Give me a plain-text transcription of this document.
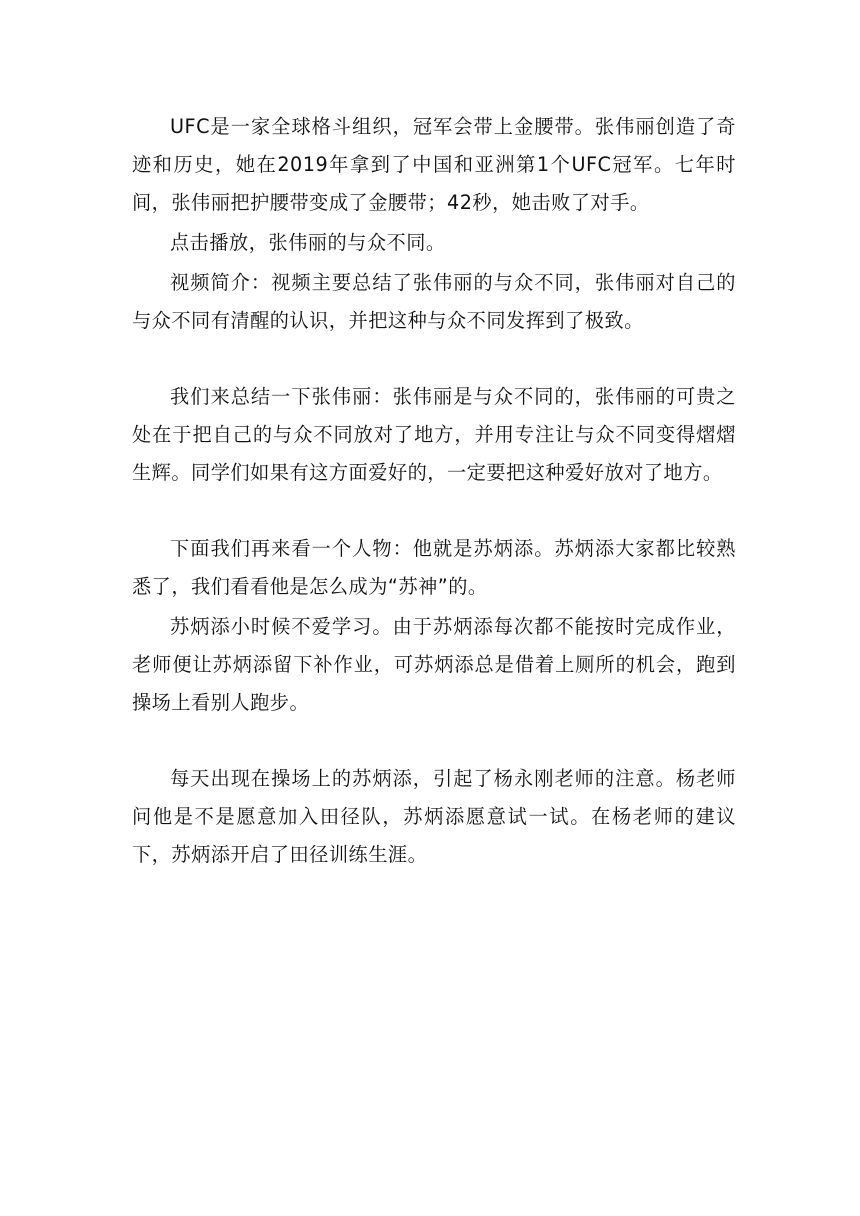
UFC是一家全球格斗组织，冠军会带上金腰带。张伟丽创造了奇迹和历史，她在2019年拿到了中国和亚洲第1个UFC冠军。七年时间，张伟丽把护腰带变成了金腰带；42秒，她击败了对手。

点击播放，张伟丽的与众不同。

视频简介：视频主要总结了张伟丽的与众不同，张伟丽对自己的与众不同有清醒的认识，并把这种与众不同发挥到了极致。

我们来总结一下张伟丽：张伟丽是与众不同的，张伟丽的可贵之处在于把自己的与众不同放对了地方，并用专注让与众不同变得熠熠生辉。同学们如果有这方面爱好的，一定要把这种爱好放对了地方。

下面我们再来看一个人物：他就是苏炳添。苏炳添大家都比较熟悉了，我们看看他是怎么成为“苏神”的。

苏炳添小时候不爱学习。由于苏炳添每次都不能按时完成作业，老师便让苏炳添留下补作业，可苏炳添总是借着上厕所的机会，跑到操场上看别人跑步。

每天出现在操场上的苏炳添，引起了杨永刚老师的注意。杨老师问他是不是愿意加入田径队，苏炳添愿意试一试。在杨老师的建议下，苏炳添开启了田径训练生涯。
